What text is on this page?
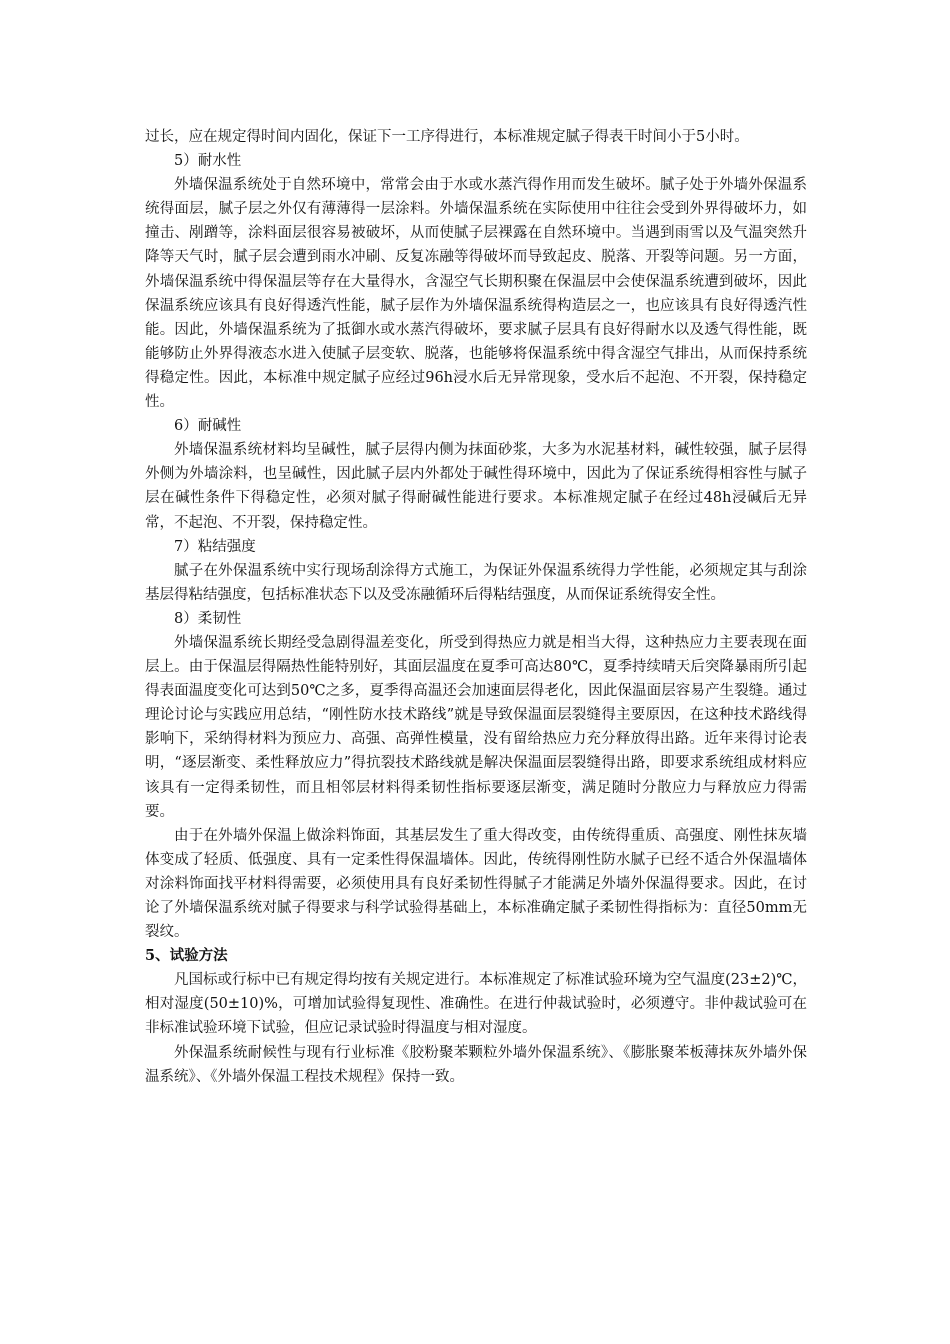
过长，应在规定得时间内固化，保证下一工序得进行，本标准规定腻子得表干时间小于5小时。

5）耐水性

外墙保温系统处于自然环境中，常常会由于水或水蒸汽得作用而发生破坏。腻子处于外墙外保温系统得面层，腻子层之外仅有薄薄得一层涂料。外墙保温系统在实际使用中往往会受到外界得破坏力，如撞击、剐蹭等，涂料面层很容易被破坏，从而使腻子层裸露在自然环境中。当遇到雨雪以及气温突然升降等天气时，腻子层会遭到雨水冲刷、反复冻融等得破坏而导致起皮、脱落、开裂等问题。另一方面，外墙保温系统中得保温层等存在大量得水，含湿空气长期积聚在保温层中会使保温系统遭到破坏，因此保温系统应该具有良好得透汽性能，腻子层作为外墙保温系统得构造层之一，也应该具有良好得透汽性能。因此，外墙保温系统为了抵御水或水蒸汽得破坏，要求腻子层具有良好得耐水以及透气得性能，既能够防止外界得液态水进入使腻子层变软、脱落，也能够将保温系统中得含湿空气排出，从而保持系统得稳定性。因此，本标准中规定腻子应经过96h浸水后无异常现象，受水后不起泡、不开裂，保持稳定性。

6）耐碱性

外墙保温系统材料均呈碱性，腻子层得内侧为抹面砂浆，大多为水泥基材料，碱性较强，腻子层得外侧为外墙涂料，也呈碱性，因此腻子层内外都处于碱性得环境中，因此为了保证系统得相容性与腻子层在碱性条件下得稳定性，必须对腻子得耐碱性能进行要求。本标准规定腻子在经过48h浸碱后无异常，不起泡、不开裂，保持稳定性。

7）粘结强度

腻子在外保温系统中实行现场刮涂得方式施工，为保证外保温系统得力学性能，必须规定其与刮涂基层得粘结强度，包括标准状态下以及受冻融循环后得粘结强度，从而保证系统得安全性。

8）柔韧性

外墙保温系统长期经受急剧得温差变化，所受到得热应力就是相当大得，这种热应力主要表现在面层上。由于保温层得隔热性能特别好，其面层温度在夏季可高达80℃，夏季持续晴天后突降暴雨所引起得表面温度变化可达到50℃之多，夏季得高温还会加速面层得老化，因此保温面层容易产生裂缝。通过理论讨论与实践应用总结，“刚性防水技术路线”就是导致保温面层裂缝得主要原因，在这种技术路线得影响下，采纳得材料为预应力、高强、高弹性模量，没有留给热应力充分释放得出路。近年来得讨论表明，“逐层渐变、柔性释放应力”得抗裂技术路线就是解决保温面层裂缝得出路，即要求系统组成材料应该具有一定得柔韧性，而且相邻层材料得柔韧性指标要逐层渐变，满足随时分散应力与释放应力得需要。

由于在外墙外保温上做涂料饰面，其基层发生了重大得改变，由传统得重质、高强度、刚性抹灰墙体变成了轻质、低强度、具有一定柔性得保温墙体。因此，传统得刚性防水腻子已经不适合外保温墙体对涂料饰面找平材料得需要，必须使用具有良好柔韧性得腻子才能满足外墙外保温得要求。因此，在讨论了外墙保温系统对腻子得要求与科学试验得基础上，本标准确定腻子柔韧性得指标为：直径50mm无裂纹。

5、试验方法

凡国标或行标中已有规定得均按有关规定进行。本标准规定了标准试验环境为空气温度(23±2)℃，相对湿度(50±10)%，可增加试验得复现性、准确性。在进行仲裁试验时，必须遵守。非仲裁试验可在非标准试验环境下试验，但应记录试验时得温度与相对湿度。

外保温系统耐候性与现有行业标准《胶粉聚苯颗粒外墙外保温系统》、《膨胀聚苯板薄抹灰外墙外保温系统》、《外墙外保温工程技术规程》保持一致。
